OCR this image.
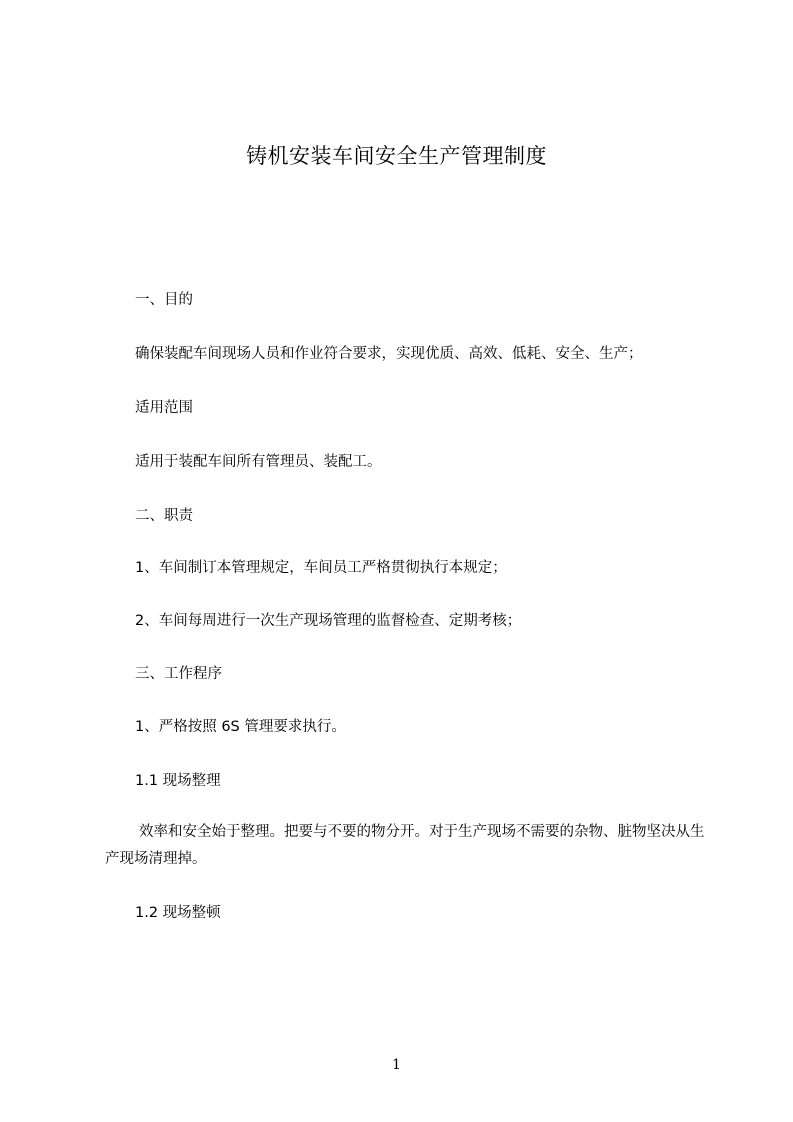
铸机安装车间安全生产管理制度
一、目的
确保装配车间现场人员和作业符合要求，实现优质、高效、低耗、安全、生产；
适用范围
适用于装配车间所有管理员、装配工。
二、职责
1、车间制订本管理规定，车间员工严格贯彻执行本规定；
2、车间每周进行一次生产现场管理的监督检查、定期考核；
三、工作程序
1、严格按照 6S 管理要求执行。
1.1 现场整理
效率和安全始于整理。把要与不要的物分开。对于生产现场不需要的杂物、脏物坚决从生产现场清理掉。
1.2 现场整顿
1
